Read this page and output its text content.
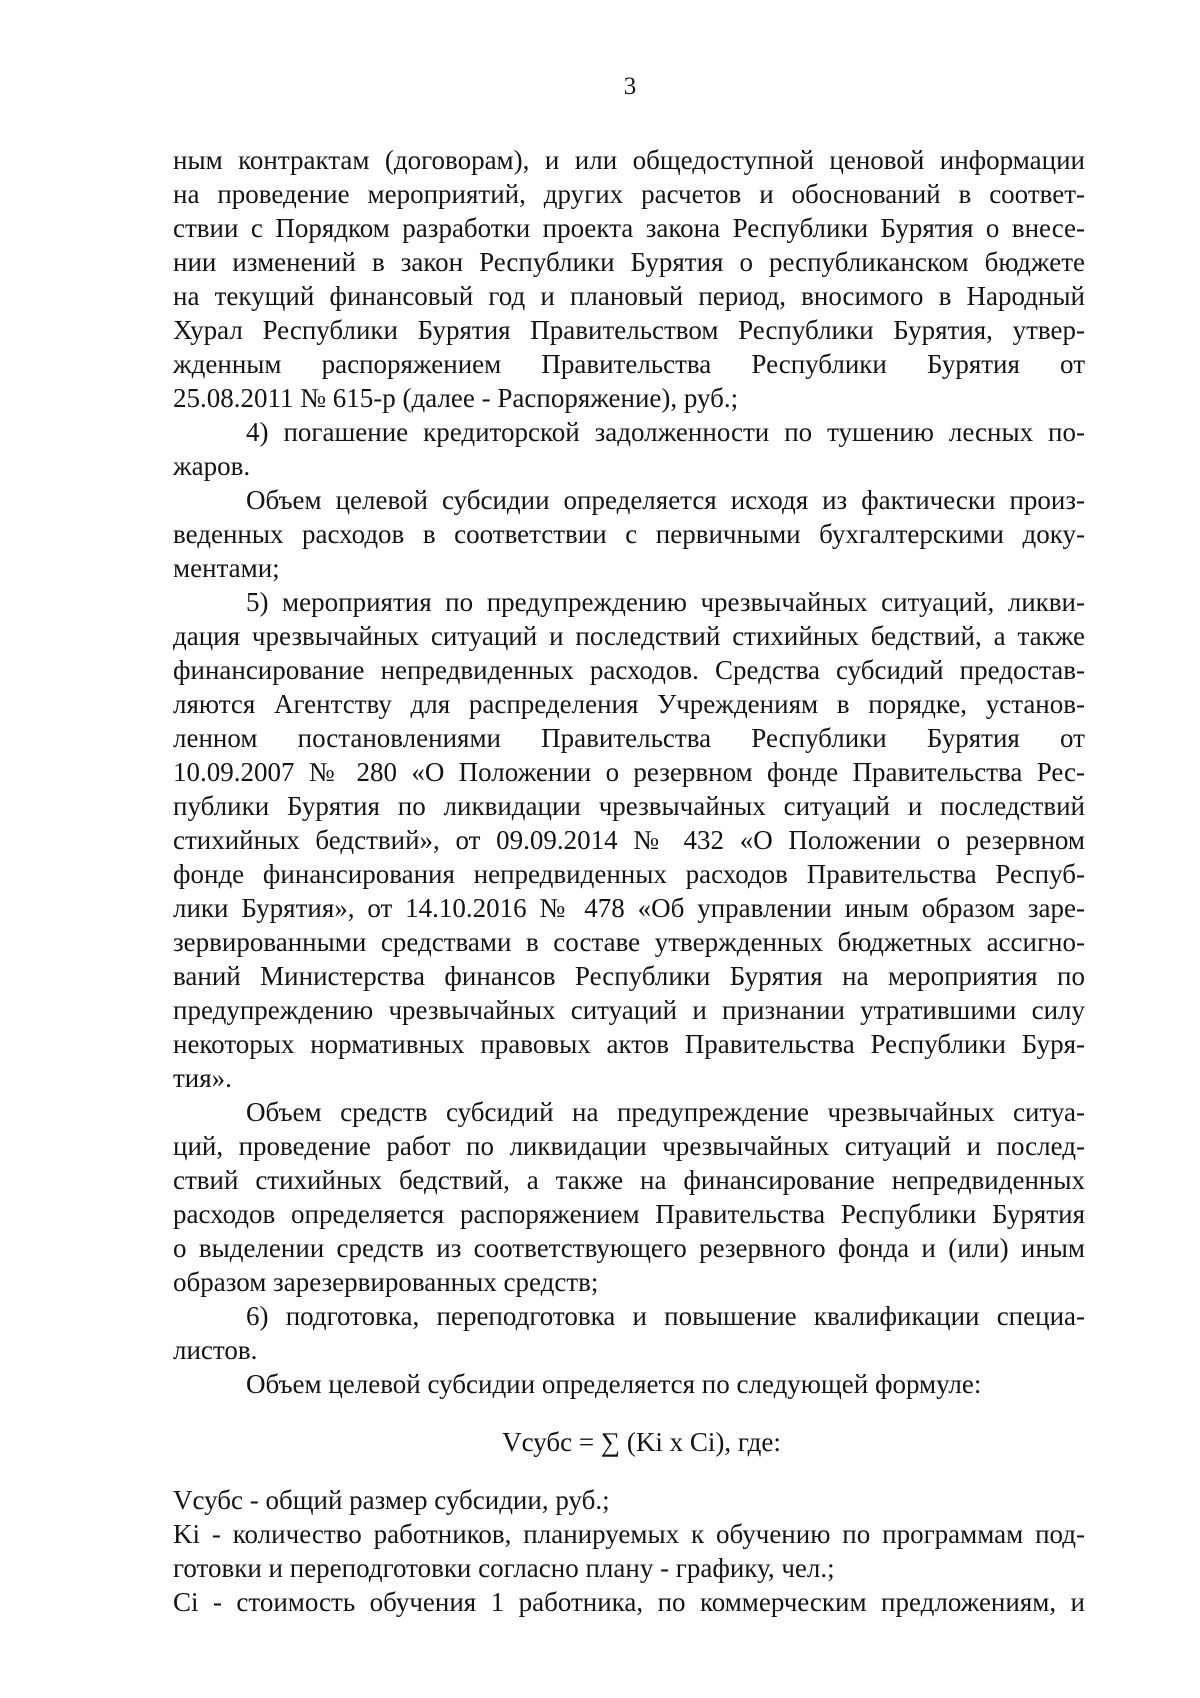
3
ным контрактам (договорам), и или общедоступной ценовой информации
на проведение мероприятий, других расчетов и обоснований в соответ-
ствии с Порядком разработки проекта закона Республики Бурятия о внесе-
нии изменений в закон Республики Бурятия о республиканском бюджете
на текущий финансовый год и плановый период, вносимого в Народный
Хурал Республики Бурятия Правительством Республики Бурятия, утвер-
жденным распоряжением Правительства Республики Бурятия от
25.08.2011 № 615-р (далее - Распоряжение), руб.;
4) погашение кредиторской задолженности по тушению лесных по-
жаров.
Объем целевой субсидии определяется исходя из фактически произ-
веденных расходов в соответствии с первичными бухгалтерскими доку-
ментами;
5) мероприятия по предупреждению чрезвычайных ситуаций, ликви-
дация чрезвычайных ситуаций и последствий стихийных бедствий, а также
финансирование непредвиденных расходов. Средства субсидий предостав-
ляются Агентству для распределения Учреждениям в порядке, установ-
ленном постановлениями Правительства Республики Бурятия от
10.09.2007 № 280 «О Положении о резервном фонде Правительства Рес-
публики Бурятия по ликвидации чрезвычайных ситуаций и последствий
стихийных бедствий», от 09.09.2014 № 432 «О Положении о резервном
фонде финансирования непредвиденных расходов Правительства Респуб-
лики Бурятия», от 14.10.2016 № 478 «Об управлении иным образом заре-
зервированными средствами в составе утвержденных бюджетных ассигно-
ваний Министерства финансов Республики Бурятия на мероприятия по
предупреждению чрезвычайных ситуаций и признании утратившими силу
некоторых нормативных правовых актов Правительства Республики Буря-
тия».
Объем средств субсидий на предупреждение чрезвычайных ситуа-
ций, проведение работ по ликвидации чрезвычайных ситуаций и послед-
ствий стихийных бедствий, а также на финансирование непредвиденных
расходов определяется распоряжением Правительства Республики Бурятия
о выделении средств из соответствующего резервного фонда и (или) иным
образом зарезервированных средств;
6) подготовка, переподготовка и повышение квалификации специа-
листов.
Объем целевой субсидии определяется по следующей формуле:
Vсубс = ∑ (Ki x Ci), где:
Vсубс - общий размер субсидии, руб.;
Ki - количество работников, планируемых к обучению по программам под-
готовки и переподготовки согласно плану - графику, чел.;
Ci - стоимость обучения 1 работника, по коммерческим предложениям, и
